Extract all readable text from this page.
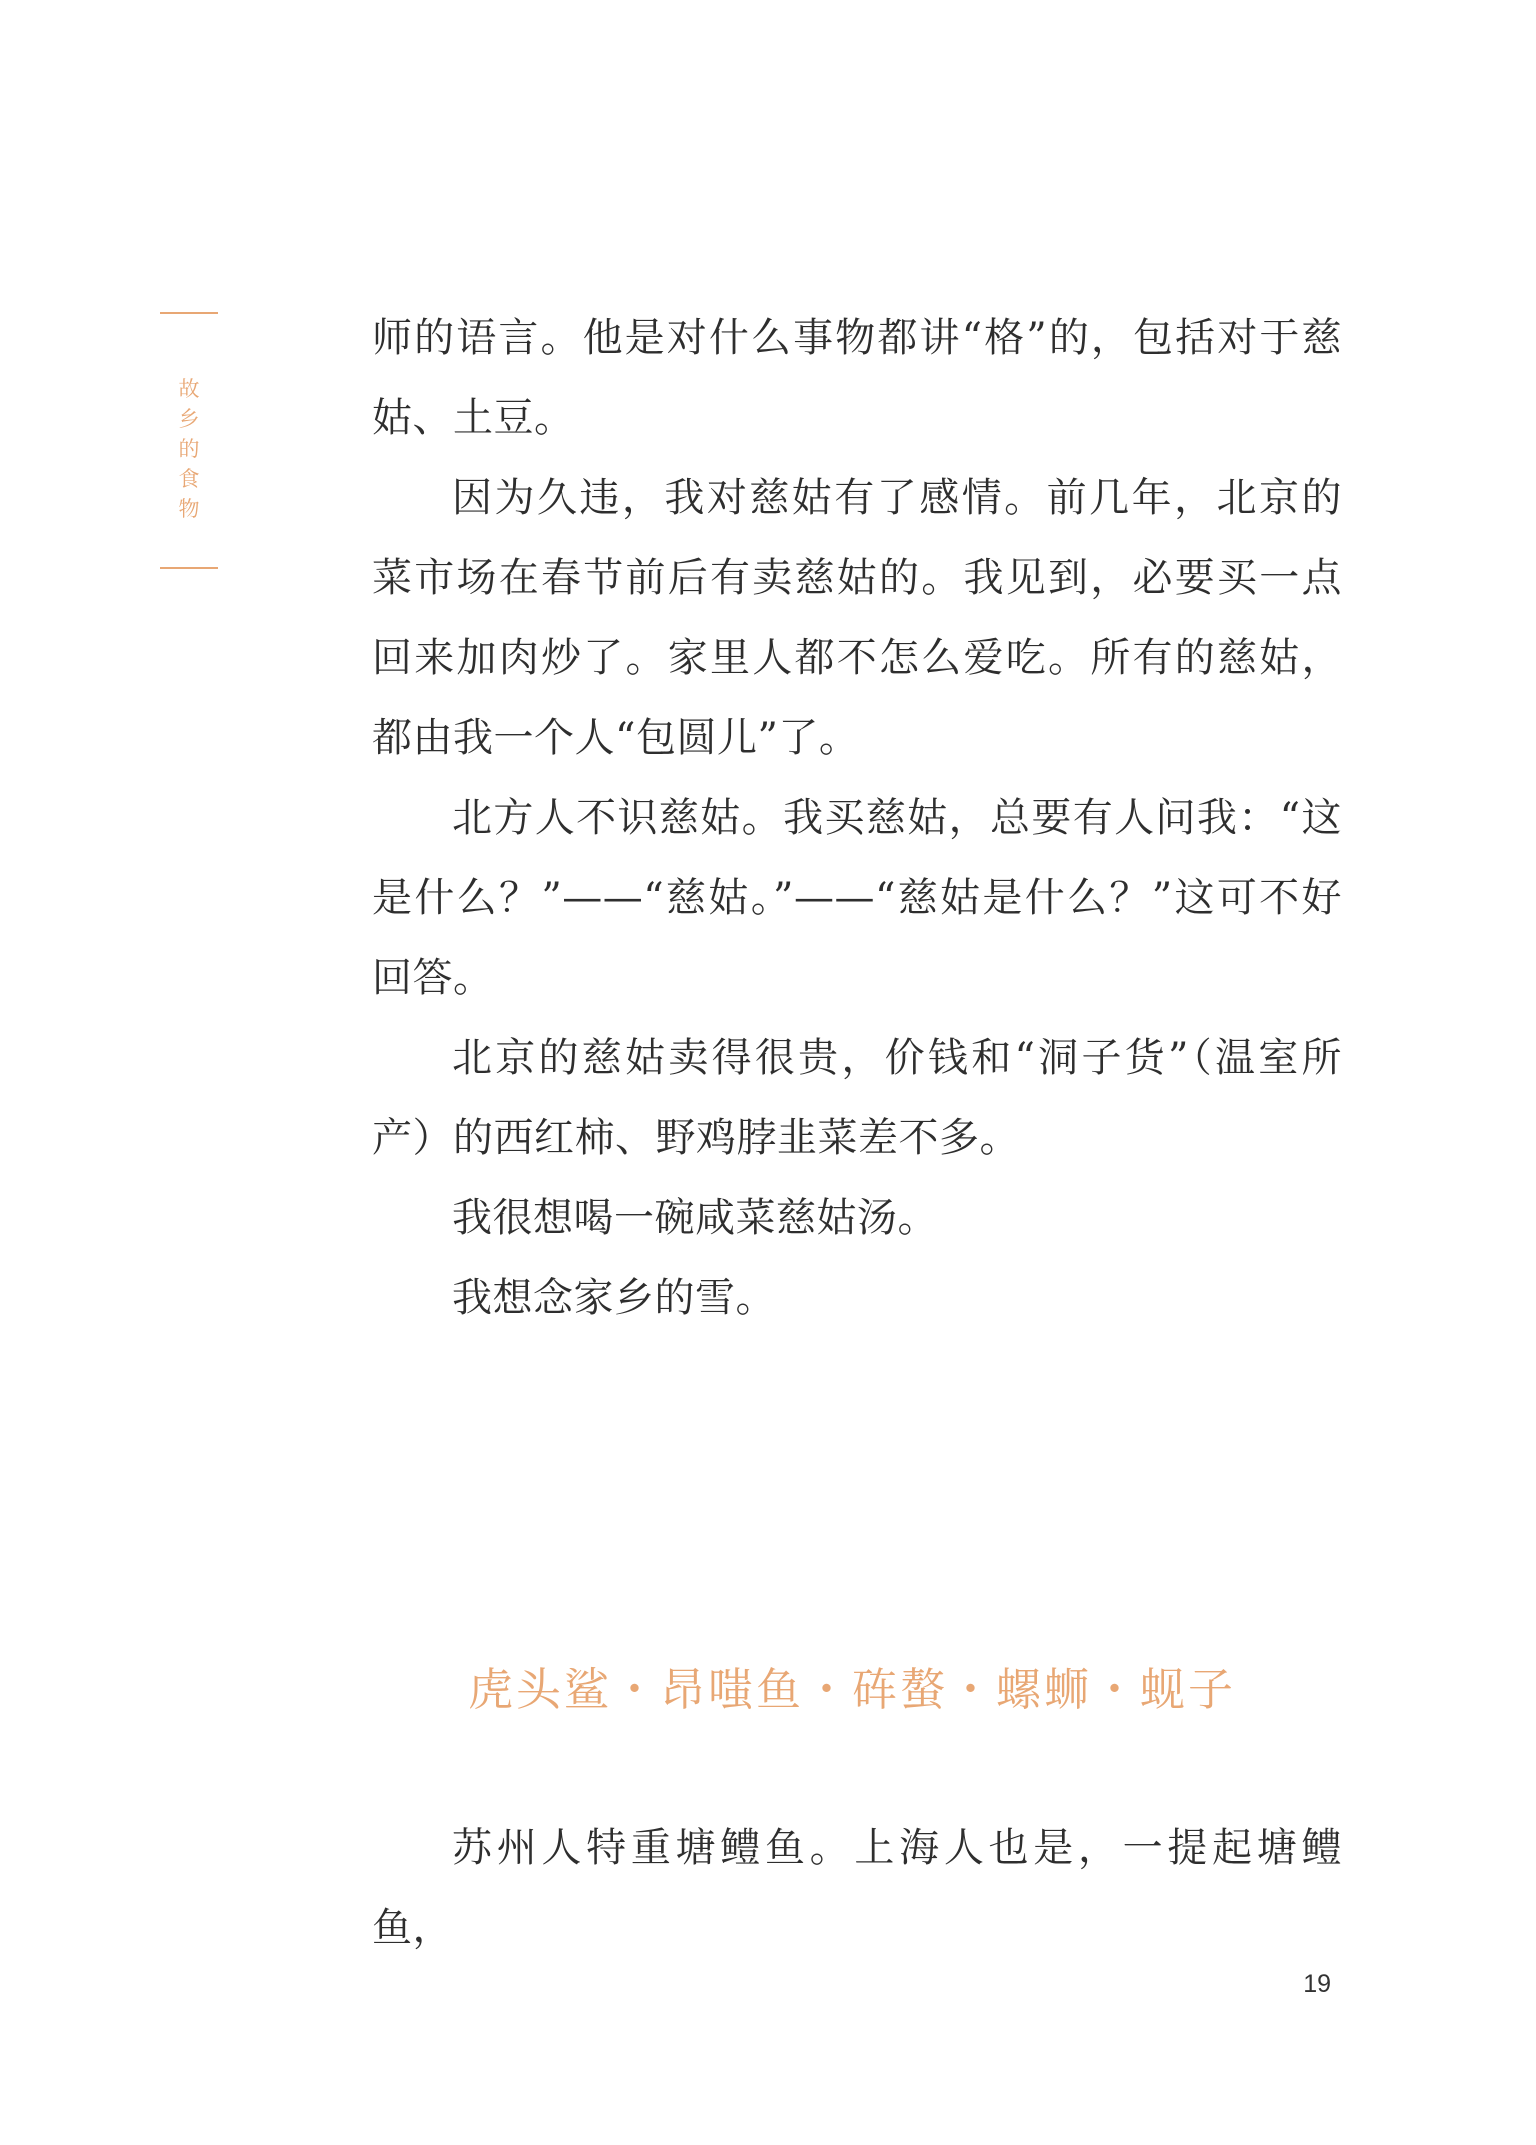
故乡的食物

师的语言。他是对什么事物都讲“格”的，包括对于慈姑、土豆。

因为久违，我对慈姑有了感情。前几年，北京的菜市场在春节前后有卖慈姑的。我见到，必要买一点回来加肉炒了。家里人都不怎么爱吃。所有的慈姑，都由我一个人“包圆儿”了。

北方人不识慈姑。我买慈姑，总要有人问我：“这是什么？”——“慈姑。”——“慈姑是什么？”这可不好回答。

北京的慈姑卖得很贵，价钱和“洞子货”（温室所产）的西红柿、野鸡脖韭菜差不多。

我很想喝一碗咸菜慈姑汤。

我想念家乡的雪。

虎头鲨・昂嗤鱼・砗螯・螺蛳・蚬子

苏州人特重塘鳢鱼。上海人也是，一提起塘鳢鱼，

19
